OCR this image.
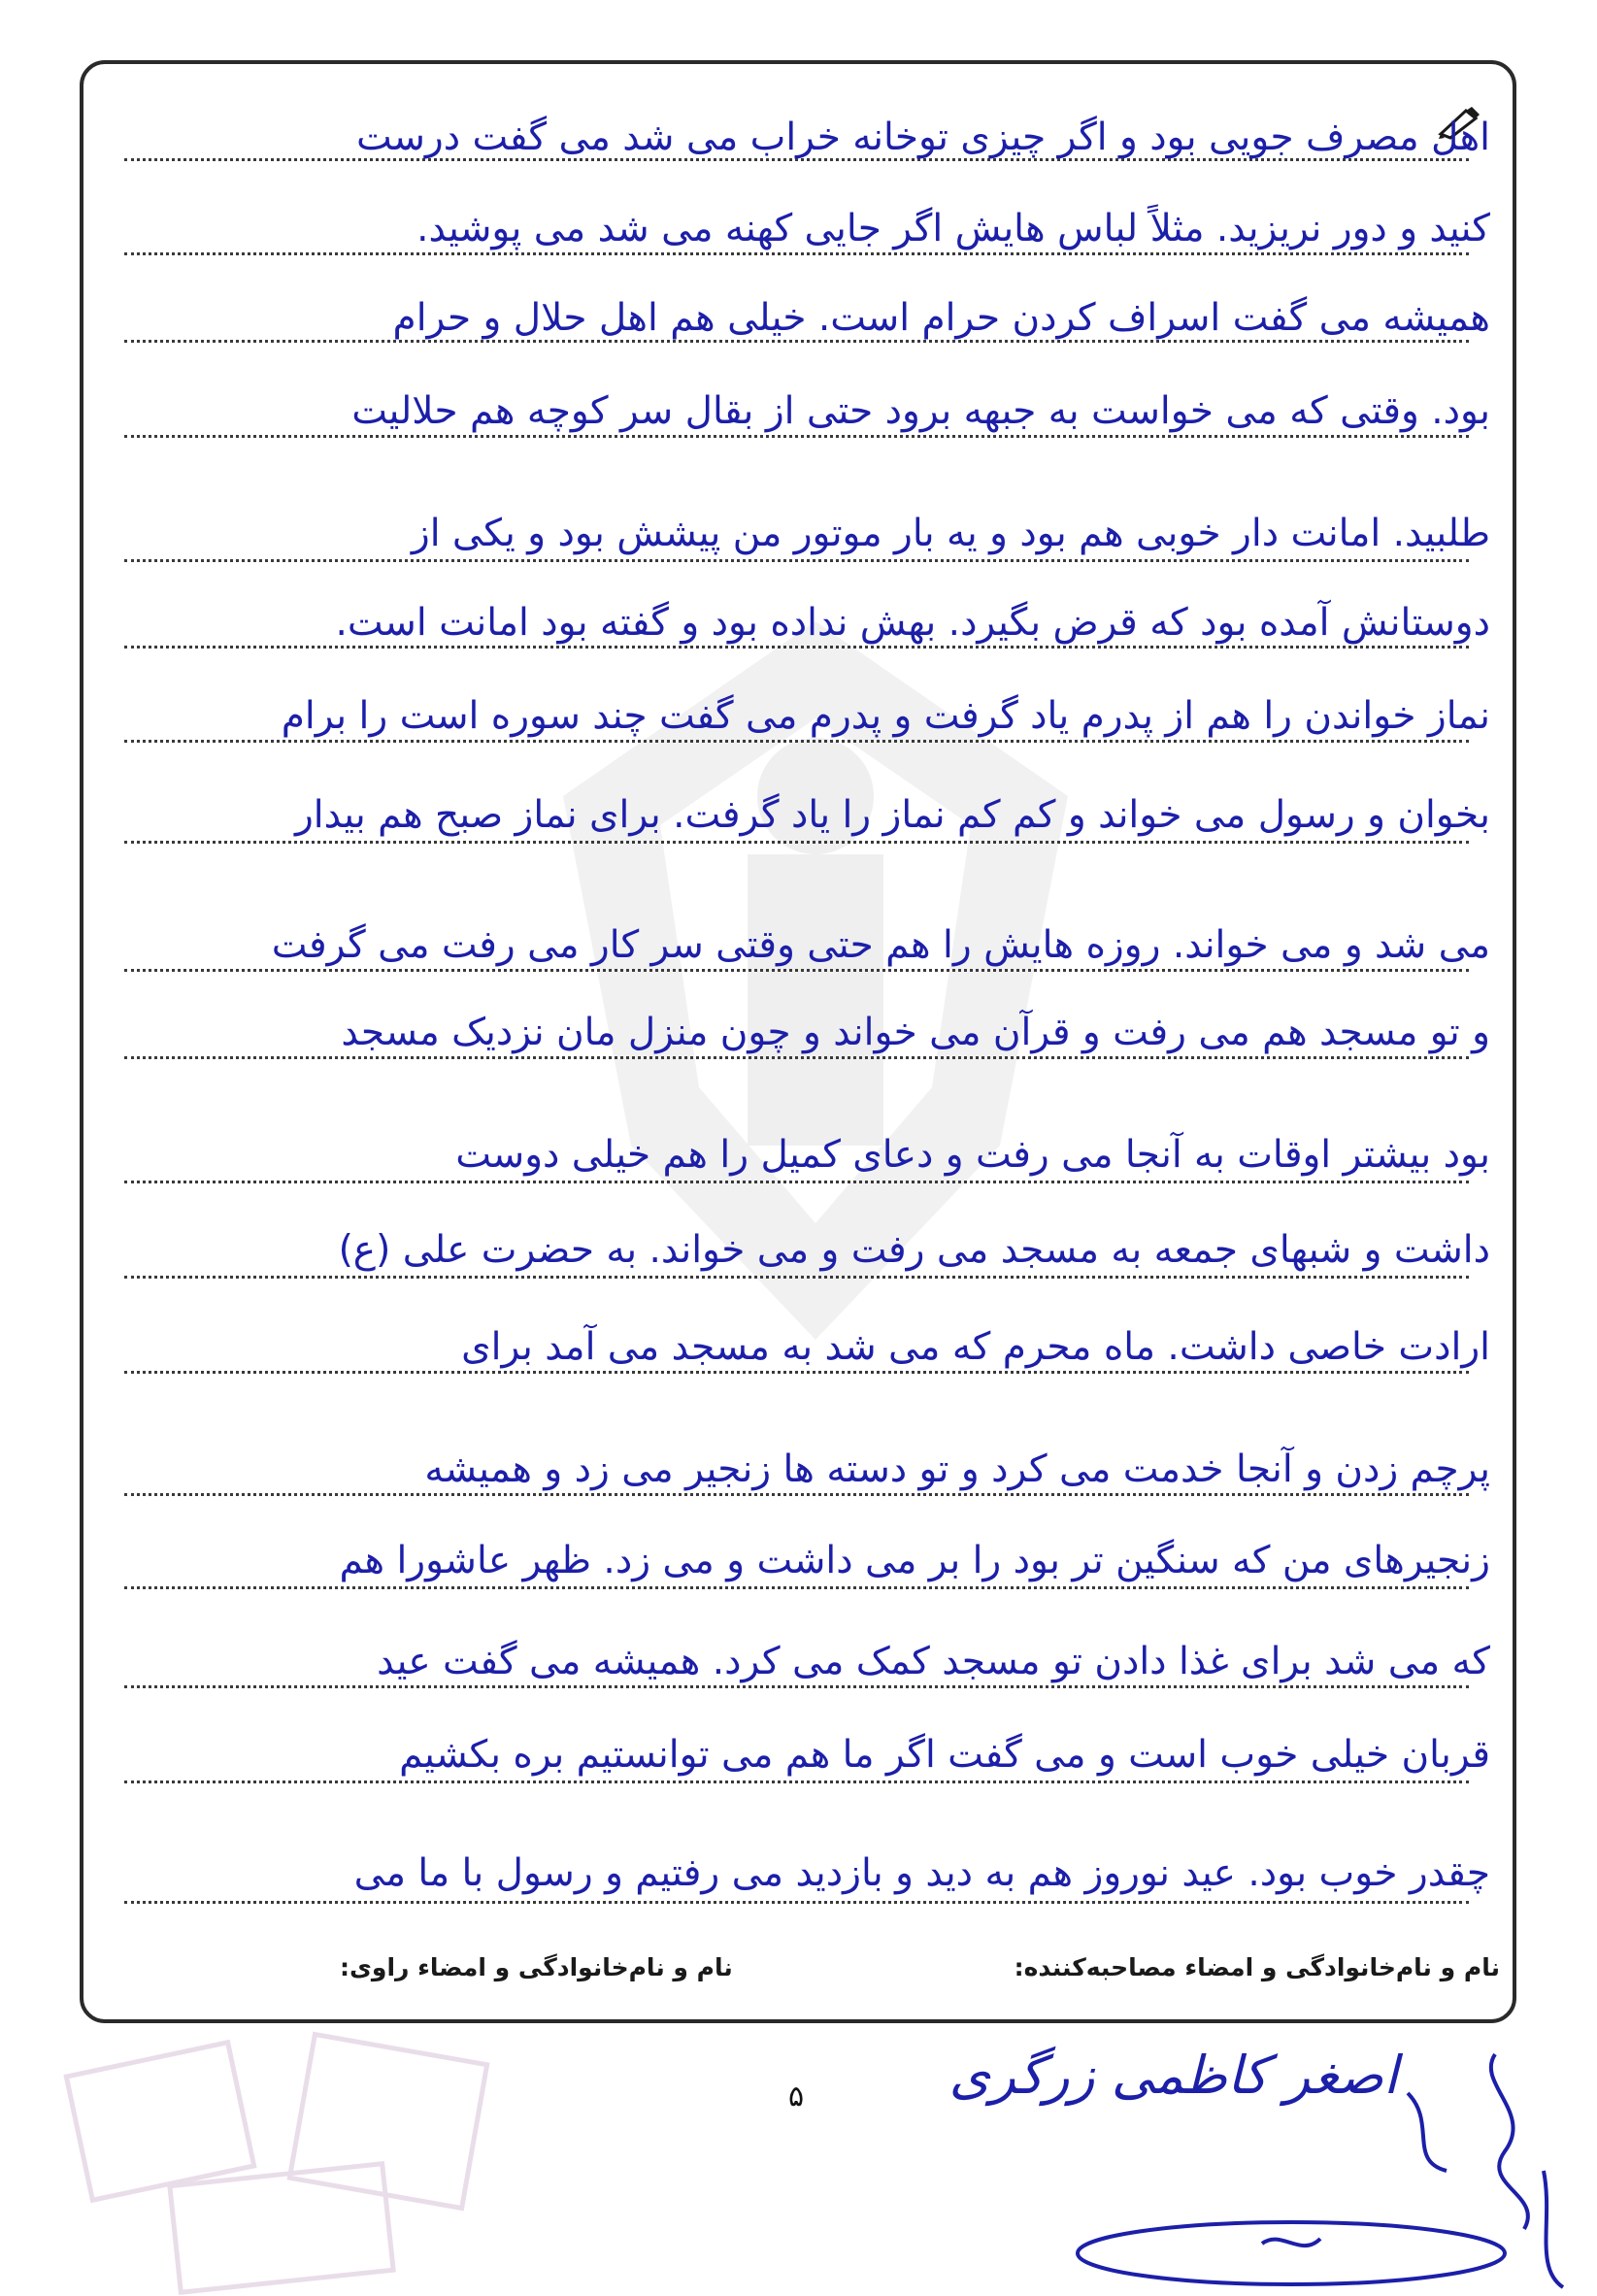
اهل مصرف جویی بود و اگر چیزی توخانه خراب می شد می گفت درست
کنید و دور نریزید. مثلاً لباس هایش اگر جایی کهنه می شد می پوشید.
همیشه می گفت اسراف کردن حرام است. خیلی هم اهل حلال و حرام
بود. وقتی که می خواست به جبهه برود حتی از بقال سر کوچه هم حلالیت
طلبید. امانت دار خوبی هم بود و یه بار موتور من پیشش بود و یکی از
دوستانش آمده بود که قرض بگیرد. بهش نداده بود و گفته بود امانت است.
نماز خواندن را هم از پدرم یاد گرفت و پدرم می گفت چند سوره است را برام
بخوان و رسول می خواند و کم کم نماز را یاد گرفت. برای نماز صبح هم بیدار
می شد و می خواند. روزه هایش را هم حتی وقتی سر کار می رفت می گرفت
و تو مسجد هم می رفت و قرآن می خواند و چون منزل مان نزدیک مسجد
بود بیشتر اوقات به آنجا می رفت و دعای کمیل را هم خیلی دوست
داشت و شبهای جمعه به مسجد می رفت و می خواند. به حضرت علی (ع)
ارادت خاصی داشت. ماه محرم که می شد به مسجد می آمد برای
پرچم زدن و آنجا خدمت می کرد و تو دسته ها زنجیر می زد و همیشه
زنجیرهای من که سنگین تر بود را بر می داشت و می زد. ظهر عاشورا هم
که می شد برای غذا دادن تو مسجد کمک می کرد. همیشه می گفت عید
قربان خیلی خوب است و می گفت اگر ما هم می توانستیم بره بکشیم
چقدر خوب بود. عید نوروز هم به دید و بازدید می رفتیم و رسول با ما می
نام و نام‌خانوادگی و امضاء مصاحبه‌کننده:
نام و نام‌خانوادگی و امضاء راوی:
۵	اصغر کاظمی زرگری
